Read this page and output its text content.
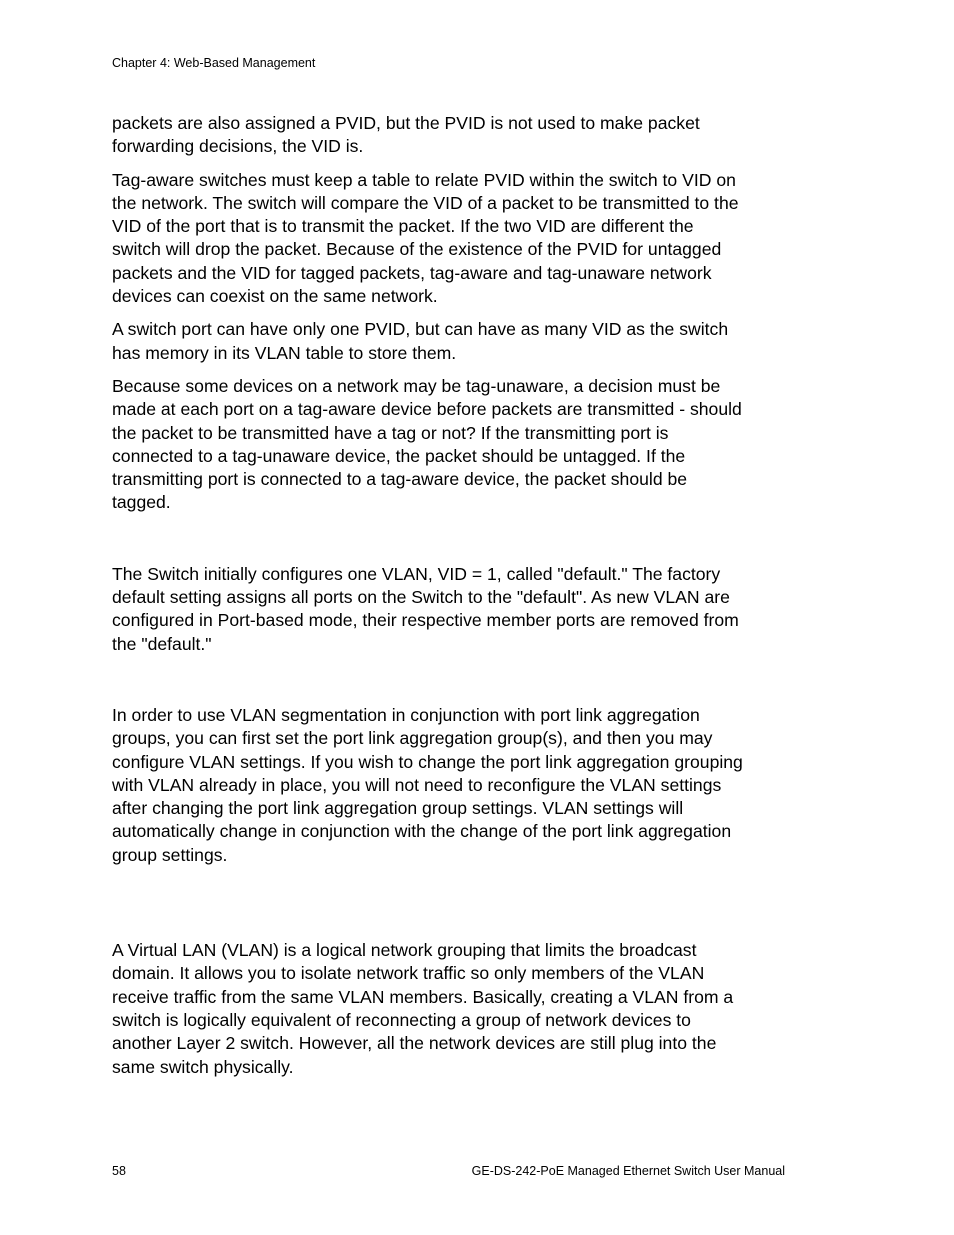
Chapter 4: Web-Based Management

packets are also assigned a PVID, but the PVID is not used to make packet
forwarding decisions, the VID is.

Tag-aware switches must keep a table to relate PVID within the switch to VID on
the network. The switch will compare the VID of a packet to be transmitted to the
VID of the port that is to transmit the packet. If the two VID are different the
switch will drop the packet. Because of the existence of the PVID for untagged
packets and the VID for tagged packets, tag-aware and tag-unaware network
devices can coexist on the same network.

A switch port can have only one PVID, but can have as many VID as the switch
has memory in its VLAN table to store them.

Because some devices on a network may be tag-unaware, a decision must be
made at each port on a tag-aware device before packets are transmitted - should
the packet to be transmitted have a tag or not? If the transmitting port is
connected to a tag-unaware device, the packet should be untagged. If the
transmitting port is connected to a tag-aware device, the packet should be
tagged.

The Switch initially configures one VLAN, VID = 1, called "default." The factory
default setting assigns all ports on the Switch to the "default". As new VLAN are
configured in Port-based mode, their respective member ports are removed from
the "default."

In order to use VLAN segmentation in conjunction with port link aggregation
groups, you can first set the port link aggregation group(s), and then you may
configure VLAN settings. If you wish to change the port link aggregation grouping
with VLAN already in place, you will not need to reconfigure the VLAN settings
after changing the port link aggregation group settings. VLAN settings will
automatically change in conjunction with the change of the port link aggregation
group settings.

A Virtual LAN (VLAN) is a logical network grouping that limits the broadcast
domain. It allows you to isolate network traffic so only members of the VLAN
receive traffic from the same VLAN members. Basically, creating a VLAN from a
switch is logically equivalent of reconnecting a group of network devices to
another Layer 2 switch. However, all the network devices are still plug into the
same switch physically.

58	GE-DS-242-PoE Managed Ethernet Switch User Manual
